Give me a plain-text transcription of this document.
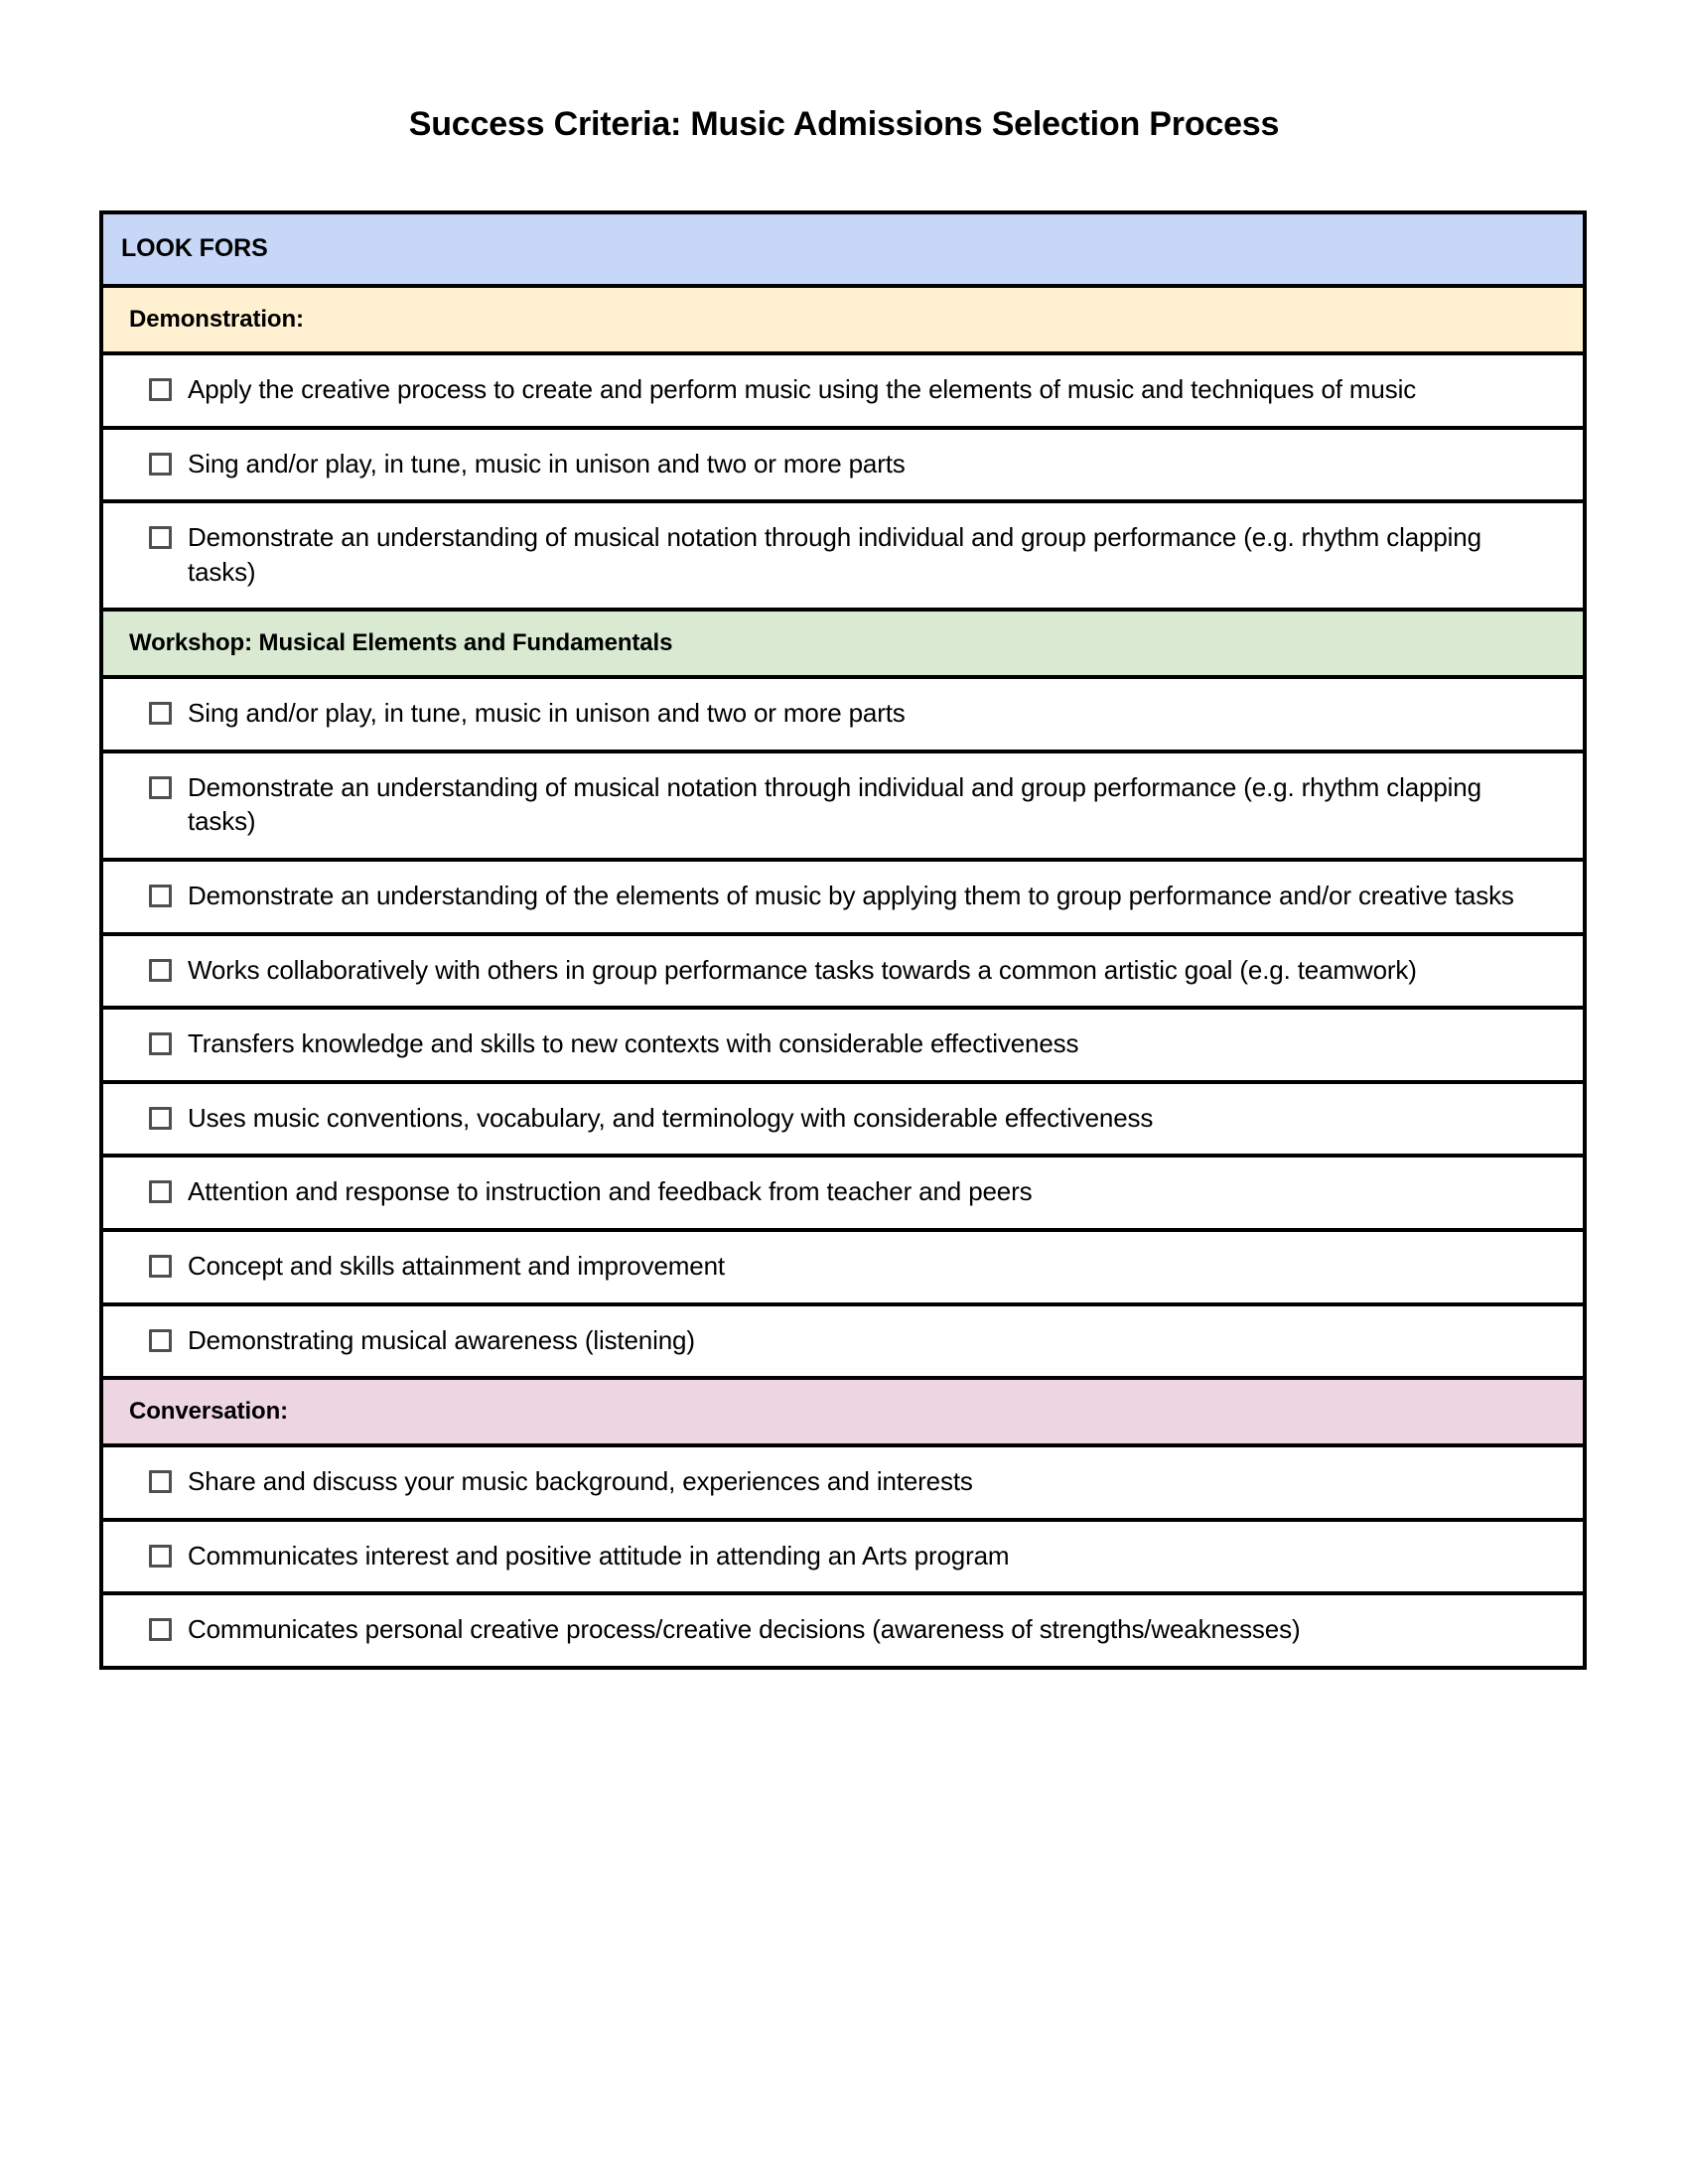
Success Criteria: Music Admissions Selection Process
LOOK FORS
Demonstration:
Apply the creative process to create and perform music using the elements of music and techniques of music
Sing and/or play, in tune, music in unison and two or more parts
Demonstrate an understanding of musical notation through individual and group performance (e.g. rhythm clapping tasks)
Workshop: Musical Elements and Fundamentals
Sing and/or play, in tune, music in unison and two or more parts
Demonstrate an understanding of musical notation through individual and group performance (e.g. rhythm clapping tasks)
Demonstrate an understanding of the elements of music by applying them to group performance and/or creative tasks
Works collaboratively with others in group performance tasks towards a common artistic goal (e.g. teamwork)
Transfers knowledge and skills to new contexts with considerable effectiveness
Uses music conventions, vocabulary, and terminology with considerable effectiveness
Attention and response to instruction and feedback from teacher and peers
Concept and skills attainment and improvement
Demonstrating musical awareness (listening)
Conversation:
Share and discuss your music background, experiences and interests
Communicates interest and positive attitude in attending an Arts program
Communicates personal creative process/creative decisions (awareness of strengths/weaknesses)
